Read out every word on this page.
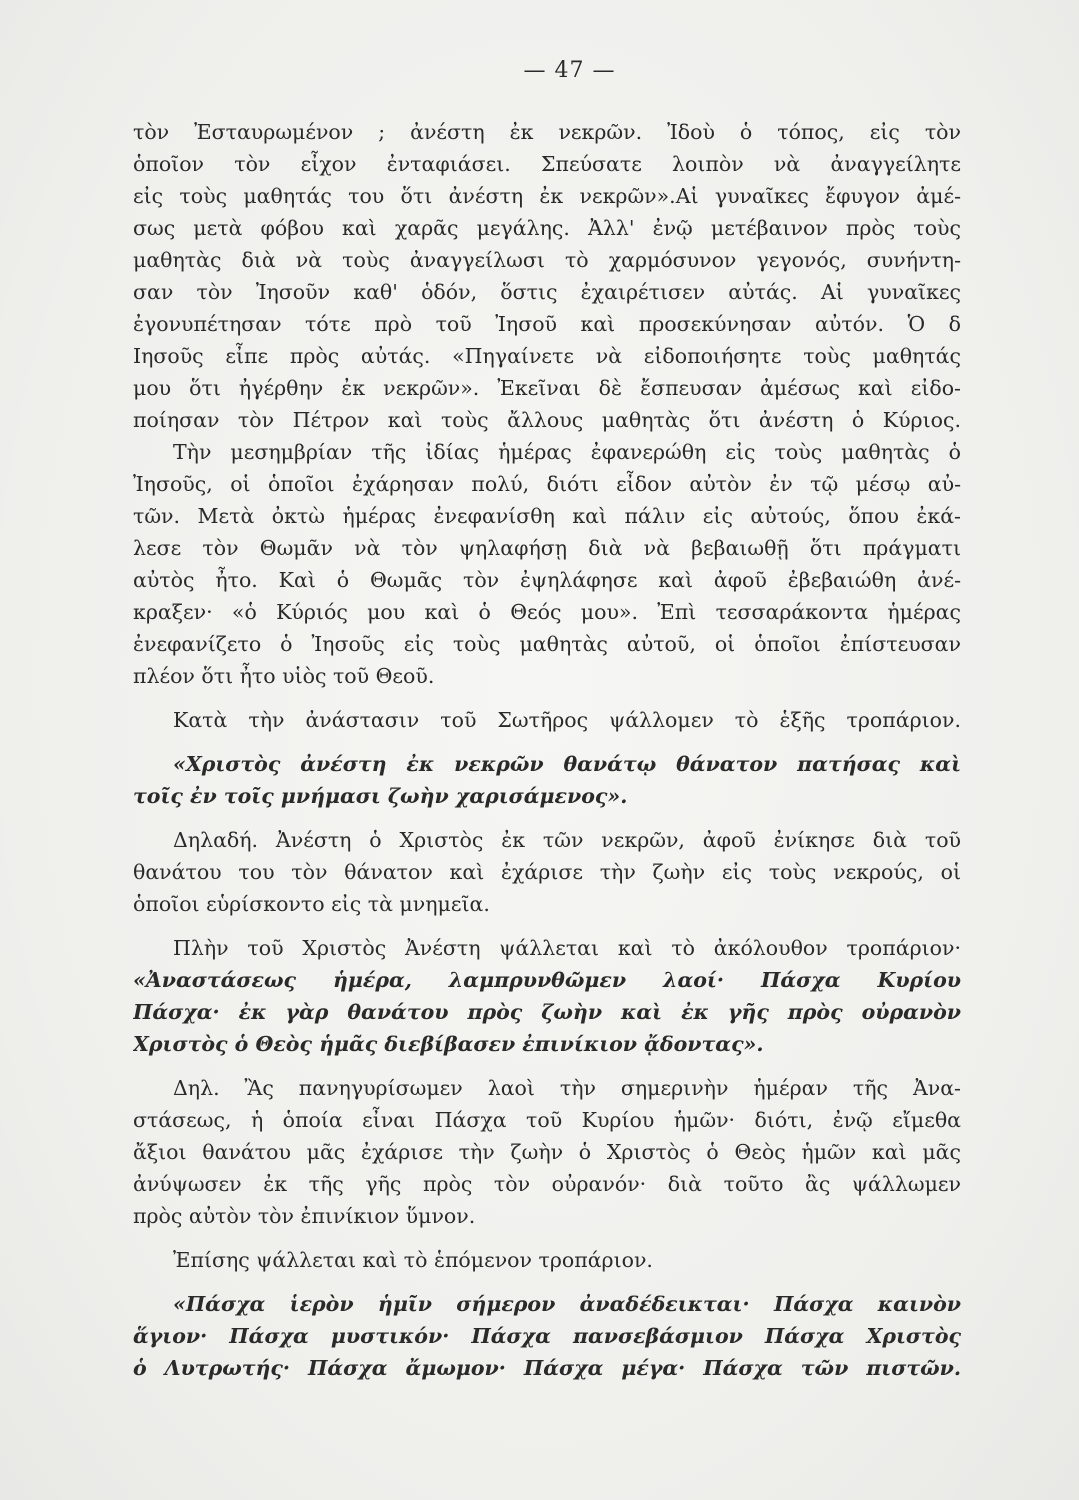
— 47 —
τὸν Ἐσταυρωμένον ; ἀνέστη ἐκ νεκρῶν. Ἰδοὺ ὁ τόπος, εἰς τὸν
ὁποῖον τὸν εἶχον ἐνταφιάσει. Σπεύσατε λοιπὸν νὰ ἀναγγείλητε
εἰς τοὺς μαθητάς του ὅτι ἀνέστη ἐκ νεκρῶν».Αἱ γυναῖκες ἔφυγον ἀμέ-
σως μετὰ φόβου καὶ χαρᾶς μεγάλης. Ἀλλ' ἐνῷ μετέβαινον πρὸς τοὺς
μαθητὰς διὰ νὰ τοὺς ἀναγγείλωσι τὸ χαρμόσυνον γεγονός, συνήντη-
σαν τὸν Ἰησοῦν καθ' ὁδόν, ὅστις ἐχαιρέτισεν αὐτάς. Αἱ γυναῖκες
ἐγονυπέτησαν τότε πρὸ τοῦ Ἰησοῦ καὶ προσεκύνησαν αὐτόν. Ὁ δ
Ιησοῦς εἶπε πρὸς αὐτάς. «Πηγαίνετε νὰ εἰδοποιήσητε τοὺς μαθητάς
μου ὅτι ἠγέρθην ἐκ νεκρῶν». Ἐκεῖναι δὲ ἔσπευσαν ἀμέσως καὶ εἰδο-
ποίησαν τὸν Πέτρον καὶ τοὺς ἄλλους μαθητὰς ὅτι ἀνέστη ὁ Κύριος.
Τὴν μεσημβρίαν τῆς ἰδίας ἡμέρας ἐφανερώθη εἰς τοὺς μαθητὰς ὁ
Ἰησοῦς, οἱ ὁποῖοι ἐχάρησαν πολύ, διότι εἶδον αὐτὸν ἐν τῷ μέσῳ αὐ-
τῶν. Μετὰ ὀκτὼ ἡμέρας ἐνεφανίσθη καὶ πάλιν εἰς αὐτούς, ὅπου ἐκά-
λεσε τὸν Θωμᾶν νὰ τὸν ψηλαφήσῃ διὰ νὰ βεβαιωθῇ ὅτι πράγματι
αὐτὸς ἦτο. Καὶ ὁ Θωμᾶς τὸν ἐψηλάφησε καὶ ἀφοῦ ἐβεβαιώθη ἀνέ-
κραξεν· «ὁ Κύριός μου καὶ ὁ Θεός μου». Ἐπὶ τεσσαράκοντα ἡμέρας
ἐνεφανίζετο ὁ Ἰησοῦς εἰς τοὺς μαθητὰς αὐτοῦ, οἱ ὁποῖοι ἐπίστευσαν
πλέον ὅτι ἦτο υἱὸς τοῦ Θεοῦ.
Κατὰ τὴν ἀνάστασιν τοῦ Σωτῆρος ψάλλομεν τὸ ἑξῆς τροπάριον.
«Χριστὸς ἀνέστη ἐκ νεκρῶν θανάτῳ θάνατον πατήσας καὶ
τοῖς ἐν τοῖς μνήμασι ζωὴν χαρισάμενος».
Δηλαδή. Ἀνέστη ὁ Χριστὸς ἐκ τῶν νεκρῶν, ἀφοῦ ἐνίκησε διὰ τοῦ
θανάτου του τὸν θάνατον καὶ ἐχάρισε τὴν ζωὴν εἰς τοὺς νεκρούς, οἱ
ὁποῖοι εὑρίσκοντο εἰς τὰ μνημεῖα.
Πλὴν τοῦ Χριστὸς Ἀνέστη ψάλλεται καὶ τὸ ἀκόλουθον τροπάριον·
«Ἀναστάσεως ἡμέρα, λαμπρυνθῶμεν λαοί· Πάσχα Κυρίου
Πάσχα· ἐκ γὰρ θανάτου πρὸς ζωὴν καὶ ἐκ γῆς πρὸς οὐρανὸν
Χριστὸς ὁ Θεὸς ἡμᾶς διεβίβασεν ἐπινίκιον ᾄδοντας».
Δηλ. Ἂς πανηγυρίσωμεν λαοὶ τὴν σημερινὴν ἡμέραν τῆς Ἀνα-
στάσεως, ἡ ὁποία εἶναι Πάσχα τοῦ Κυρίου ἡμῶν· διότι, ἐνῷ εἴμεθα
ἄξιοι θανάτου μᾶς ἐχάρισε τὴν ζωὴν ὁ Χριστὸς ὁ Θεὸς ἡμῶν καὶ μᾶς
ἀνύψωσεν ἐκ τῆς γῆς πρὸς τὸν οὐρανόν· διὰ τοῦτο ἂς ψάλλωμεν
πρὸς αὐτὸν τὸν ἐπινίκιον ὕμνον.
Ἐπίσης ψάλλεται καὶ τὸ ἑπόμενον τροπάριον.
«Πάσχα ἱερὸν ἡμῖν σήμερον ἀναδέδεικται· Πάσχα καινὸν
ἅγιον· Πάσχα μυστικόν· Πάσχα πανσεβάσμιον Πάσχα Χριστὸς
ὁ Λυτρωτής· Πάσχα ἄμωμον· Πάσχα μέγα· Πάσχα τῶν πιστῶν.
